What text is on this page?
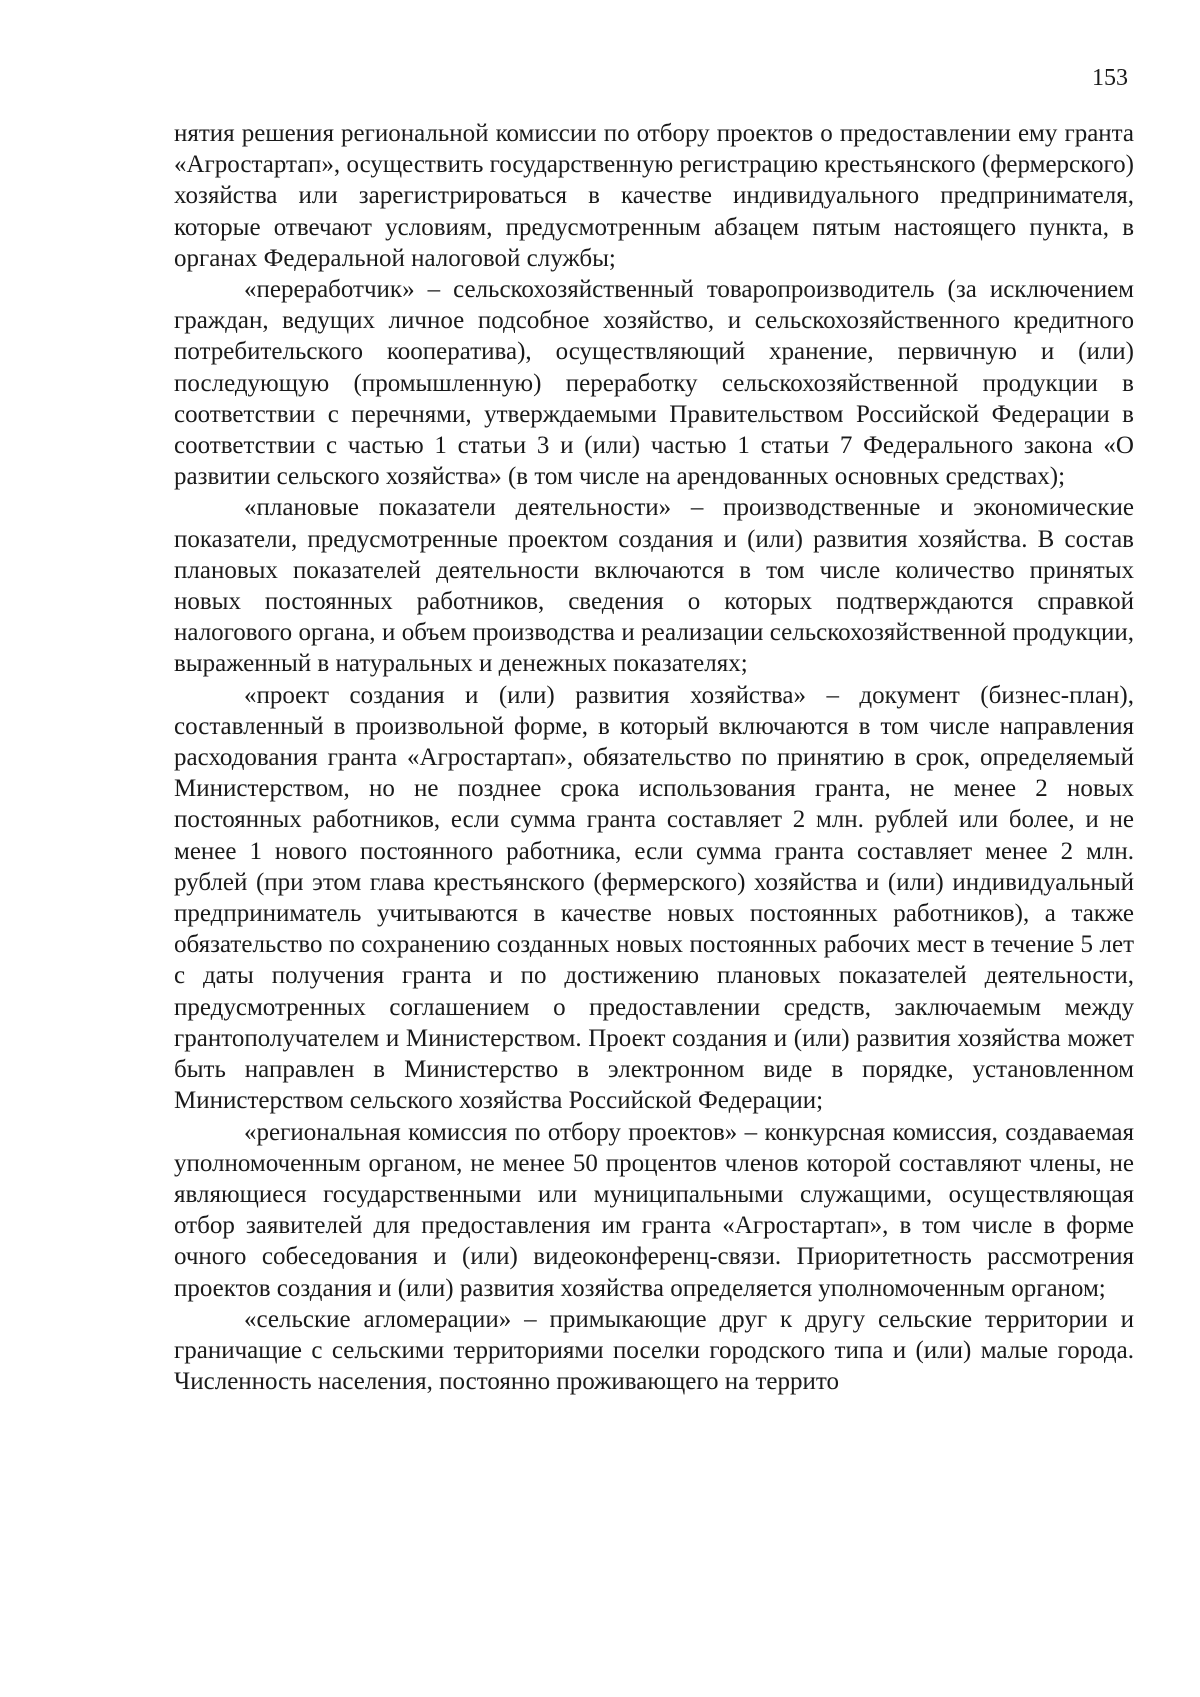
153

нятия решения региональной комиссии по отбору проектов о предоставлении ему гранта «Агростартап», осуществить государственную регистрацию крестьянского (фермерского) хозяйства или зарегистрироваться в качестве индивидуального предпринимателя, которые отвечают условиям, предусмотренным абзацем пятым настоящего пункта, в органах Федеральной налоговой службы;

«переработчик» – сельскохозяйственный товаропроизводитель (за исключением граждан, ведущих личное подсобное хозяйство, и сельскохозяйственного кредитного потребительского кооператива), осуществляющий хранение, первичную и (или) последующую (промышленную) переработку сельскохозяйственной продукции в соответствии с перечнями, утверждаемыми Правительством Российской Федерации в соответствии с частью 1 статьи 3 и (или) частью 1 статьи 7 Федерального закона «О развитии сельского хозяйства» (в том числе на арендованных основных средствах);

«плановые показатели деятельности» – производственные и экономические показатели, предусмотренные проектом создания и (или) развития хозяйства. В состав плановых показателей деятельности включаются в том числе количество принятых новых постоянных работников, сведения о которых подтверждаются справкой налогового органа, и объем производства и реализации сельскохозяйственной продукции, выраженный в натуральных и денежных показателях;

«проект создания и (или) развития хозяйства» – документ (бизнес-план), составленный в произвольной форме, в который включаются в том числе направления расходования гранта «Агростартап», обязательство по принятию в срок, определяемый Министерством, но не позднее срока использования гранта, не менее 2 новых постоянных работников, если сумма гранта составляет 2 млн. рублей или более, и не менее 1 нового постоянного работника, если сумма гранта составляет менее 2 млн. рублей (при этом глава крестьянского (фермерского) хозяйства и (или) индивидуальный предприниматель учитываются в качестве новых постоянных работников), а также обязательство по сохранению созданных новых постоянных рабочих мест в течение 5 лет с даты получения гранта и по достижению плановых показателей деятельности, предусмотренных соглашением о предоставлении средств, заключаемым между грантополучателем и Министерством. Проект создания и (или) развития хозяйства может быть направлен в Министерство в электронном виде в порядке, установленном Министерством сельского хозяйства Российской Федерации;

«региональная комиссия по отбору проектов» – конкурсная комиссия, создаваемая уполномоченным органом, не менее 50 процентов членов которой составляют члены, не являющиеся государственными или муниципальными служащими, осуществляющая отбор заявителей для предоставления им гранта «Агростартап», в том числе в форме очного собеседования и (или) видеоконференц-связи. Приоритетность рассмотрения проектов создания и (или) развития хозяйства определяется уполномоченным органом;

«сельские агломерации» – примыкающие друг к другу сельские территории и граничащие с сельскими территориями поселки городского типа и (или) малые города. Численность населения, постоянно проживающего на террито
